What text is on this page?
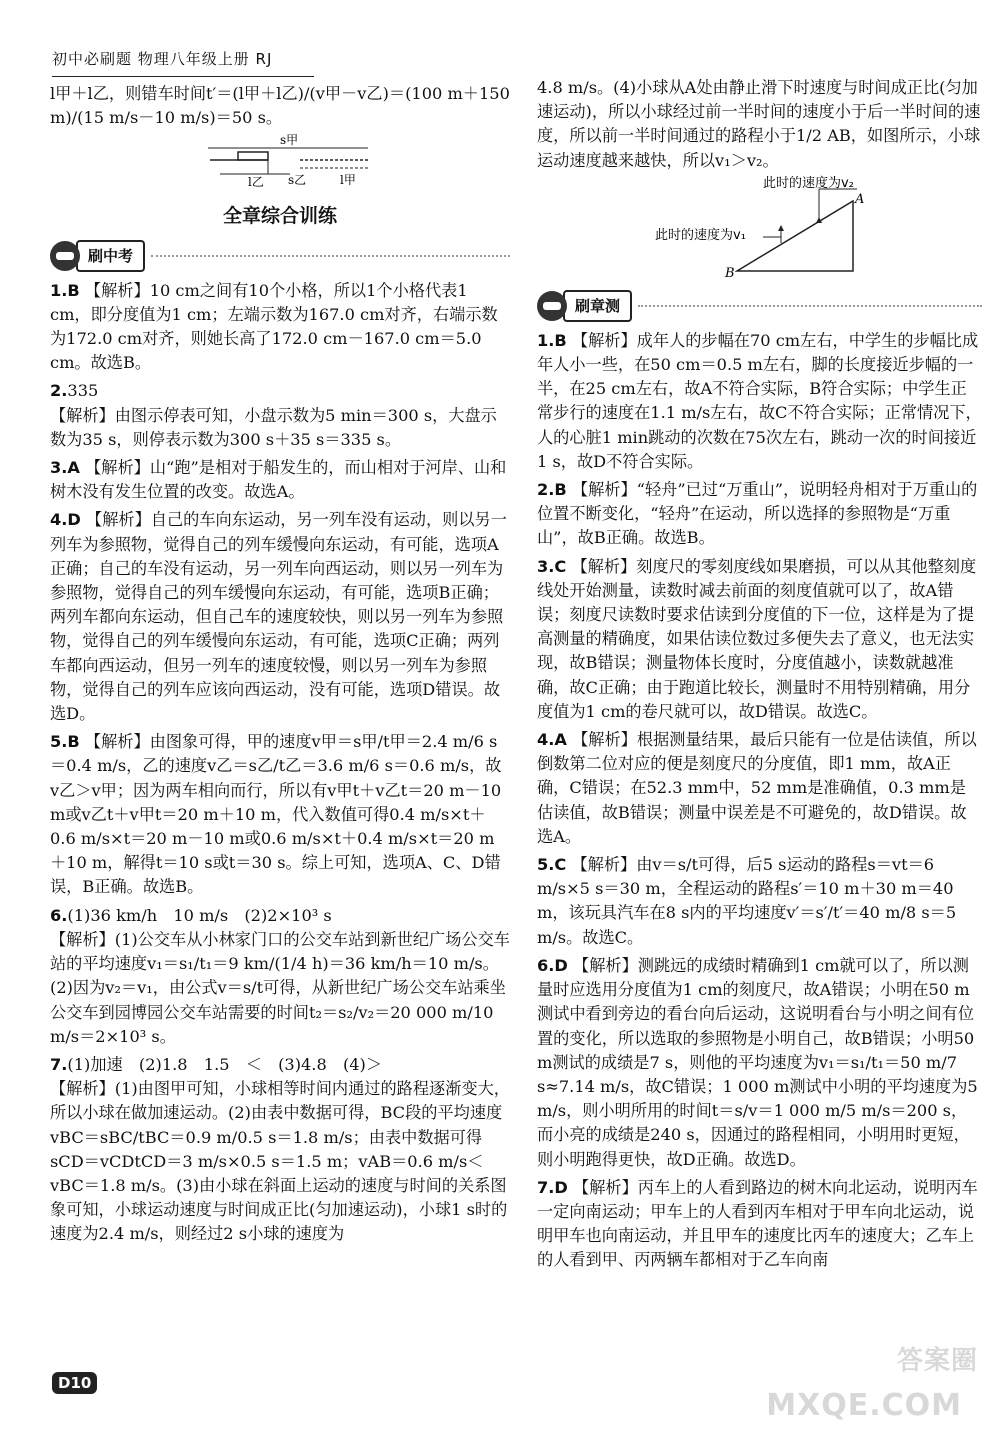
初中必刷题 物理八年级上册 RJ

l甲＋l乙，则错车时间t′＝(l甲＋l乙)/(v甲－v乙)＝(100 m＋150 m)/(15 m/s－10 m/s)＝50 s。

s甲
l乙 s乙	l甲
全章综合训练
刷中考
1.B 【解析】10 cm之间有10个小格，所以1个小格代表1 cm，即分度值为1 cm；左端示数为167.0 cm对齐，右端示数为172.0 cm对齐，则她长高了172.0 cm－167.0 cm＝5.0 cm。故选B。
2.335
【解析】由图示停表可知，小盘示数为5 min＝300 s，大盘示数为35 s，则停表示数为300 s＋35 s＝335 s。
3.A 【解析】山“跑”是相对于船发生的，而山相对于河岸、山和树木没有发生位置的改变。故选A。
4.D 【解析】自己的车向东运动，另一列车没有运动，则以另一列车为参照物，觉得自己的列车缓慢向东运动，有可能，选项A正确；自己的车没有运动，另一列车向西运动，则以另一列车为参照物，觉得自己的列车缓慢向东运动，有可能，选项B正确；两列车都向东运动，但自己车的速度较快，则以另一列车为参照物，觉得自己的列车缓慢向东运动，有可能，选项C正确；两列车都向西运动，但另一列车的速度较慢，则以另一列车为参照物，觉得自己的列车应该向西运动，没有可能，选项D错误。故选D。
5.B 【解析】由图象可得，甲的速度v甲＝s甲/t甲＝2.4 m/6 s＝0.4 m/s，乙的速度v乙＝s乙/t乙＝3.6 m/6 s＝0.6 m/s，故v乙＞v甲；因为两车相向而行，所以有v甲t＋v乙t＝20 m－10 m或v乙t＋v甲t＝20 m＋10 m，代入数值可得0.4 m/s×t＋0.6 m/s×t＝20 m－10 m或0.6 m/s×t＋0.4 m/s×t＝20 m＋10 m，解得t＝10 s或t＝30 s。综上可知，选项A、C、D错误，B正确。故选B。
6.(1)36 km/h　10 m/s　(2)2×10³ s
【解析】(1)公交车从小林家门口的公交车站到新世纪广场公交车站的平均速度v₁＝s₁/t₁＝9 km/(1/4 h)＝36 km/h＝10 m/s。(2)因为v₂＝v₁，由公式v＝s/t可得，从新世纪广场公交车站乘坐公交车到园博园公交车站需要的时间t₂＝s₂/v₂＝20 000 m/10 m/s＝2×10³ s。
7.(1)加速　(2)1.8　1.5　＜　(3)4.8　(4)＞
【解析】(1)由图甲可知，小球相等时间内通过的路程逐渐变大，所以小球在做加速运动。(2)由表中数据可得，BC段的平均速度vBC＝sBC/tBC＝0.9 m/0.5 s＝1.8 m/s；由表中数据可得sCD＝vCDtCD＝3 m/s×0.5 s＝1.5 m；vAB＝0.6 m/s＜vBC＝1.8 m/s。(3)由小球在斜面上运动的速度与时间的关系图象可知，小球运动速度与时间成正比(匀加速运动)，小球1 s时的速度为2.4 m/s，则经过2 s小球的速度为

4.8 m/s。(4)小球从A处由静止滑下时速度与时间成正比(匀加速运动)，所以小球经过前一半时间的速度小于后一半时间的速度，所以前一半时间通过的路程小于1/2 AB，如图所示，小球运动速度越来越快，所以v₁＞v₂。

此时的速度为v₂
此时的速度为v₁
A
B
刷章测
1.B 【解析】成年人的步幅在70 cm左右，中学生的步幅比成年人小一些，在50 cm＝0.5 m左右，脚的长度接近步幅的一半，在25 cm左右，故A不符合实际，B符合实际；中学生正常步行的速度在1.1 m/s左右，故C不符合实际；正常情况下，人的心脏1 min跳动的次数在75次左右，跳动一次的时间接近1 s，故D不符合实际。
2.B 【解析】“轻舟”已过“万重山”，说明轻舟相对于万重山的位置不断变化，“轻舟”在运动，所以选择的参照物是“万重山”，故B正确。故选B。
3.C 【解析】刻度尺的零刻度线如果磨损，可以从其他整刻度线处开始测量，读数时减去前面的刻度值就可以了，故A错误；刻度尺读数时要求估读到分度值的下一位，这样是为了提高测量的精确度，如果估读位数过多便失去了意义，也无法实现，故B错误；测量物体长度时，分度值越小，读数就越准确，故C正确；由于跑道比较长，测量时不用特别精确，用分度值为1 cm的卷尺就可以，故D错误。故选C。
4.A 【解析】根据测量结果，最后只能有一位是估读值，所以倒数第二位对应的便是刻度尺的分度值，即1 mm，故A正确，C错误；在52.3 mm中，52 mm是准确值，0.3 mm是估读值，故B错误；测量中误差是不可避免的，故D错误。故选A。
5.C 【解析】由v＝s/t可得，后5 s运动的路程s＝vt＝6 m/s×5 s＝30 m，全程运动的路程s′＝10 m＋30 m＝40 m，该玩具汽车在8 s内的平均速度v′＝s′/t′＝40 m/8 s＝5 m/s。故选C。
6.D 【解析】测跳远的成绩时精确到1 cm就可以了，所以测量时应选用分度值为1 cm的刻度尺，故A错误；小明在50 m测试中看到旁边的看台向后运动，这说明看台与小明之间有位置的变化，所以选取的参照物是小明自己，故B错误；小明50 m测试的成绩是7 s，则他的平均速度为v₁＝s₁/t₁＝50 m/7 s≈7.14 m/s，故C错误；1 000 m测试中小明的平均速度为5 m/s，则小明所用的时间t＝s/v＝1 000 m/5 m/s＝200 s，而小亮的成绩是240 s，因通过的路程相同，小明用时更短，则小明跑得更快，故D正确。故选D。
7.D 【解析】丙车上的人看到路边的树木向北运动，说明丙车一定向南运动；甲车上的人看到丙车相对于甲车向北运动，说明甲车也向南运动，并且甲车的速度比丙车的速度大；乙车上的人看到甲、丙两辆车都相对于乙车向南
D10
答案圈
MXQE.COM
